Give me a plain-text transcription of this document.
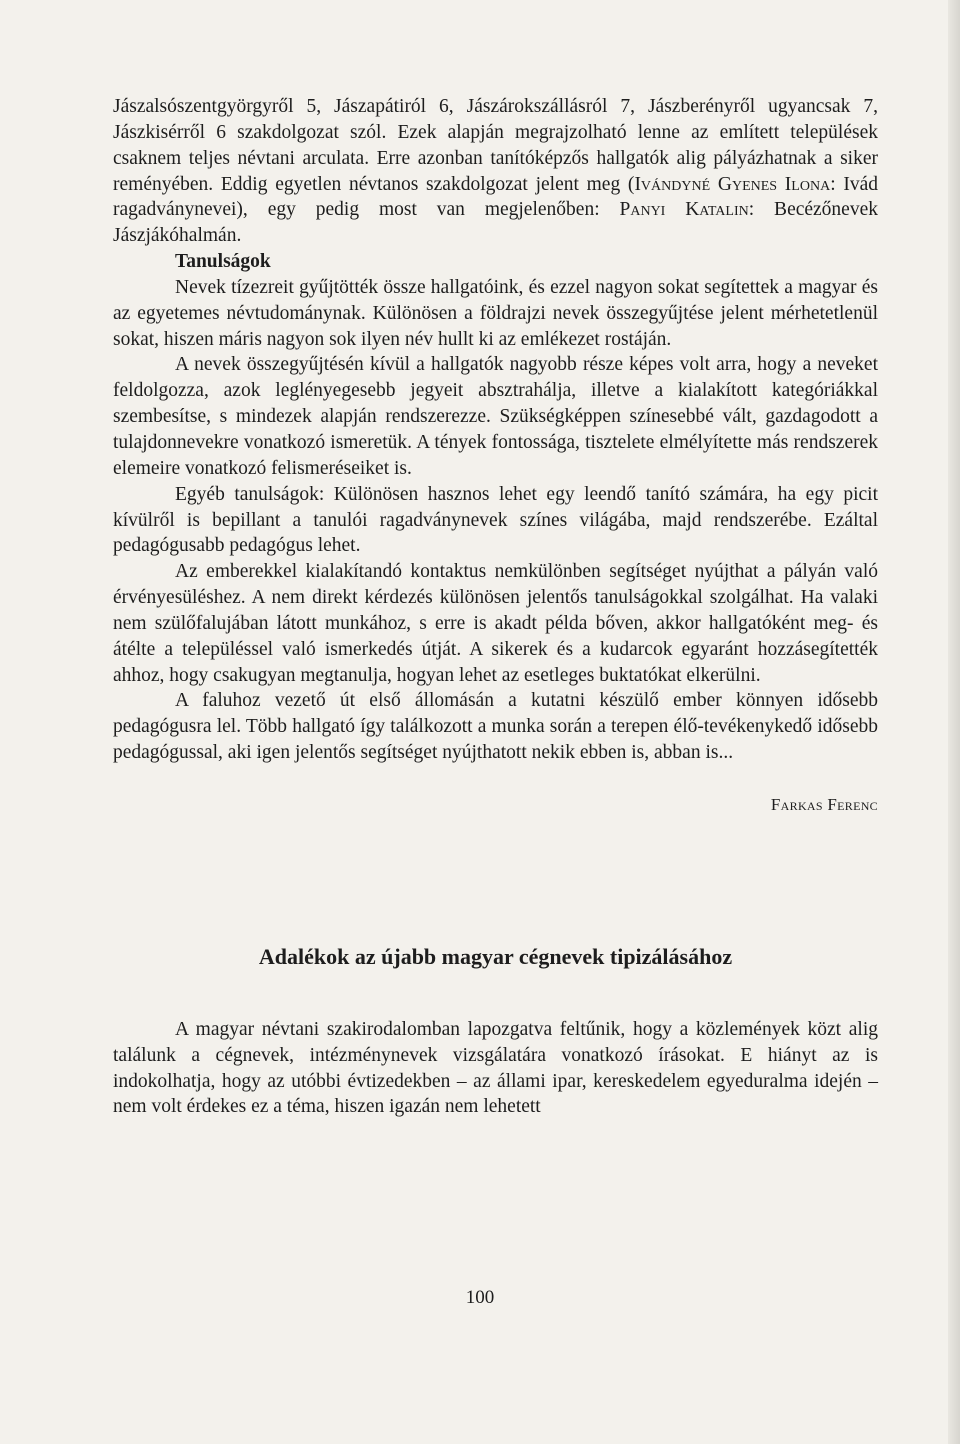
Jászalsószentgyörgyről 5, Jászapátiról 6, Jászárokszállásról 7, Jászberényről ugyancsak 7, Jászkisérről 6 szakdolgozat szól. Ezek alapján megrajzolható lenne az említett települések csaknem teljes névtani arculata. Erre azonban tanítóképzős hallgatók alig pályázhatnak a siker reményében. Eddig egyetlen névtanos szakdolgozat jelent meg (Ivándyné Gyenes Ilona: Ivád ragadványnevei), egy pedig most van megjelenőben: Panyi Katalin: Becézőnevek Jászjákóhalmán.

Tanulságok

Nevek tízezreit gyűjtötték össze hallgatóink, és ezzel nagyon sokat segítettek a magyar és az egyetemes névtudománynak. Különösen a földrajzi nevek összegyűjtése jelent mérhetetlenül sokat, hiszen máris nagyon sok ilyen név hullt ki az emlékezet rostáján.

A nevek összegyűjtésén kívül a hallgatók nagyobb része képes volt arra, hogy a neveket feldolgozza, azok leglényegesebb jegyeit absztrahálja, illetve a kialakított kategóriákkal szembesítse, s mindezek alapján rendszerezze. Szükségképpen színesebbé vált, gazdagodott a tulajdonnevekre vonatkozó ismeretük. A tények fontossága, tisztelete elmélyítette más rendszerek elemeire vonatkozó felismeréseiket is.

Egyéb tanulságok: Különösen hasznos lehet egy leendő tanító számára, ha egy picit kívülről is bepillant a tanulói ragadványnevek színes világába, majd rendszerébe. Ezáltal pedagógusabb pedagógus lehet.

Az emberekkel kialakítandó kontaktus nemkülönben segítséget nyújthat a pályán való érvényesüléshez. A nem direkt kérdezés különösen jelentős tanulságokkal szolgálhat. Ha valaki nem szülőfalujában látott munkához, s erre is akadt példa bőven, akkor hallgatóként meg- és átélte a településsel való ismerkedés útját. A sikerek és a kudarcok egyaránt hozzásegítették ahhoz, hogy csakugyan megtanulja, hogyan lehet az esetleges buktatókat elkerülni.

A faluhoz vezető út első állomásán a kutatni készülő ember könnyen idősebb pedagógusra lel. Több hallgató így találkozott a munka során a terepen élő-tevékenykedő idősebb pedagógussal, aki igen jelentős segítséget nyújthatott nekik ebben is, abban is...

Farkas Ferenc
Adalékok az újabb magyar cégnevek tipizálásához

A magyar névtani szakirodalomban lapozgatva feltűnik, hogy a közlemények közt alig találunk a cégnevek, intézménynevek vizsgálatára vonatkozó írásokat. E hiányt az is indokolhatja, hogy az utóbbi évtizedekben – az állami ipar, kereskedelem egyeduralma idején – nem volt érdekes ez a téma, hiszen igazán nem lehetett

100
